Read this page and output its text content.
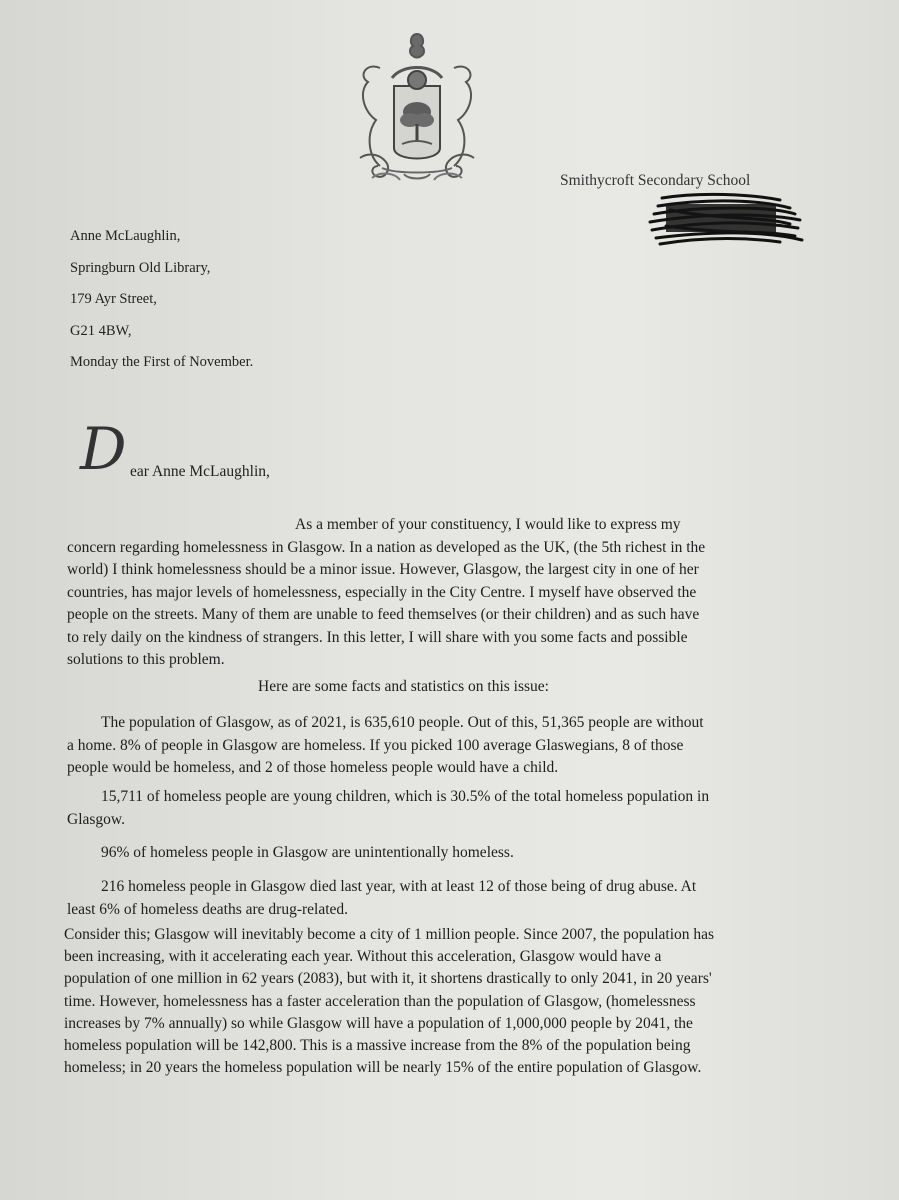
Smithycroft Secondary School
Anne McLaughlin,
Springburn Old Library,
179 Ayr Street,
G21 4BW,
Monday the First of November.
D ear Anne McLaughlin,
As a member of your constituency, I would like to express my
concern regarding homelessness in Glasgow. In a nation as developed as the UK, (the 5th richest in the
world) I think homelessness should be a minor issue. However, Glasgow, the largest city in one of her
countries, has major levels of homelessness, especially in the City Centre. I myself have observed the
people on the streets. Many of them are unable to feed themselves (or their children) and as such have
to rely daily on the kindness of strangers. In this letter, I will share with you some facts and possible
solutions to this problem.
Here are some facts and statistics on this issue:
The population of Glasgow, as of 2021, is 635,610 people. Out of this, 51,365 people are without
a home. 8% of people in Glasgow are homeless. If you picked 100 average Glaswegians, 8 of those
people would be homeless, and 2 of those homeless people would have a child.
15,711 of homeless people are young children, which is 30.5% of the total homeless population in
Glasgow.
96% of homeless people in Glasgow are unintentionally homeless.
216 homeless people in Glasgow died last year, with at least 12 of those being of drug abuse. At
least 6% of homeless deaths are drug-related.
Consider this; Glasgow will inevitably become a city of 1 million people. Since 2007, the population has
been increasing, with it accelerating each year. Without this acceleration, Glasgow would have a
population of one million in 62 years (2083), but with it, it shortens drastically to only 2041, in 20 years'
time. However, homelessness has a faster acceleration than the population of Glasgow, (homelessness
increases by 7% annually) so while Glasgow will have a population of 1,000,000 people by 2041, the
homeless population will be 142,800. This is a massive increase from the 8% of the population being
homeless; in 20 years the homeless population will be nearly 15% of the entire population of Glasgow.
